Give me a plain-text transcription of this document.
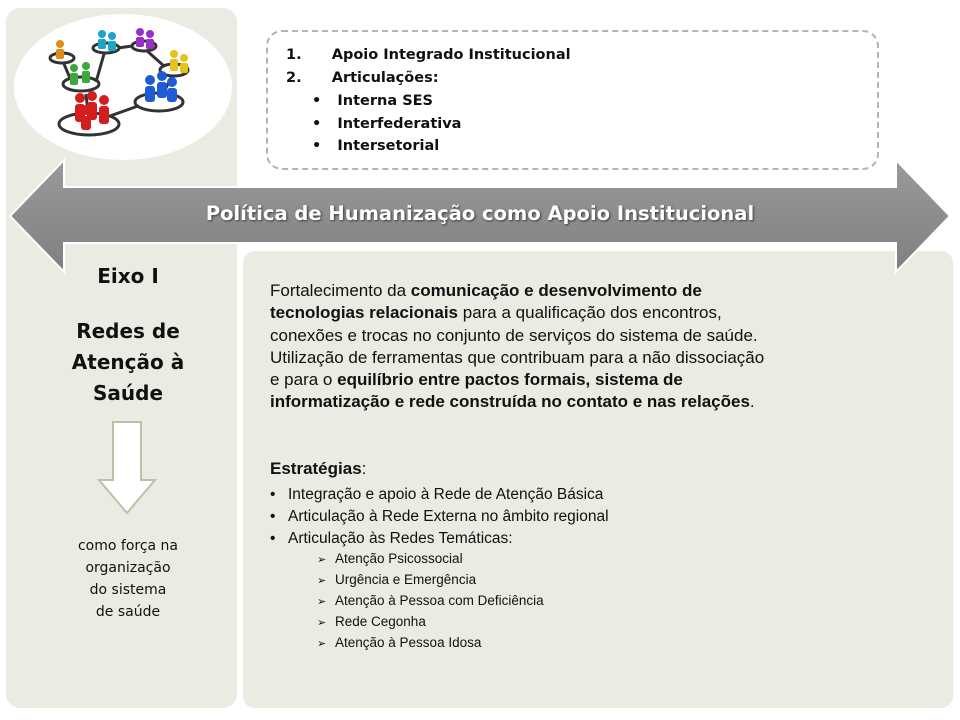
1. Apoio Integrado Institucional
2. Articulações:
• Interna SES
• Interfederativa
• Intersetorial
Política de Humanização como Apoio Institucional
Eixo I
Redes de
Atenção à
Saúde
como força na
organização
do sistema
de saúde

Fortalecimento da comunicação e desenvolvimento de

tecnologias relacionais para a qualificação dos encontros,

conexões e trocas no conjunto de serviços do sistema de saúde.

Utilização de ferramentas que contribuam para a não dissociação

e para o equilíbrio entre pactos formais, sistema de

informatização e rede construída no contato e nas relações.

Estratégias:
• Integração e apoio à Rede de Atenção Básica
• Articulação à Rede Externa no âmbito regional
• Articulação às Redes Temáticas:
➢ Atenção Psicossocial
➢ Urgência e Emergência
➢ Atenção à Pessoa com Deficiência
➢ Rede Cegonha
➢ Atenção à Pessoa Idosa
